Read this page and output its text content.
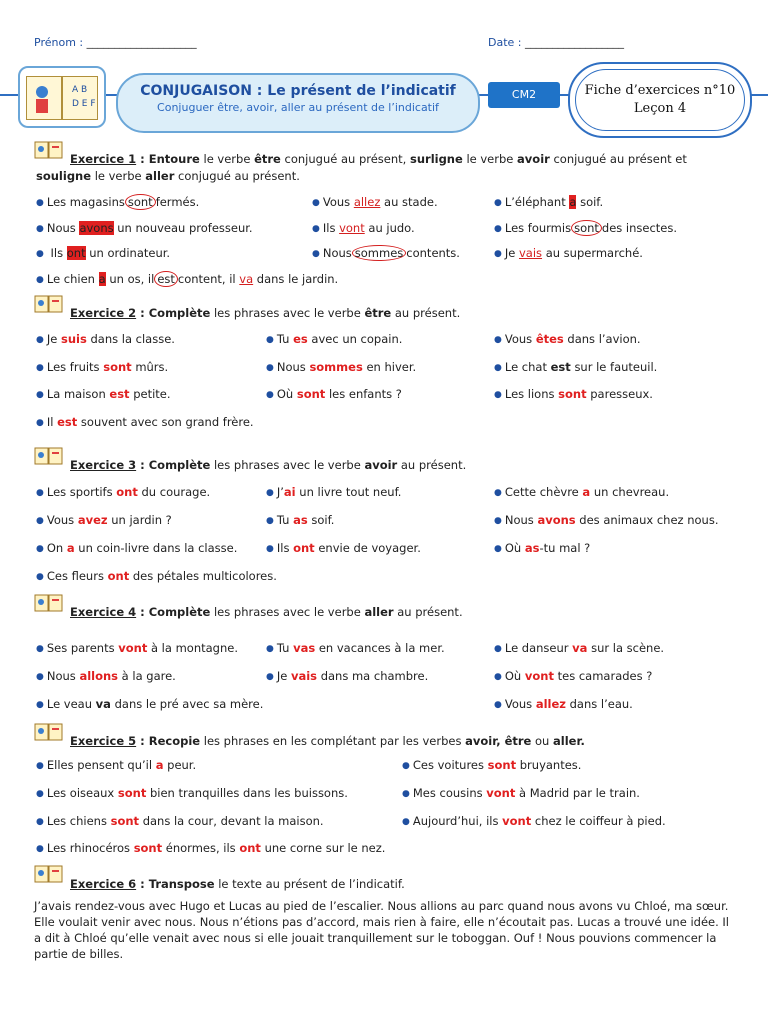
Prénom : ____________________	Date : __________________
A B
D E F
CONJUGAISON : Le présent de l’indicatif
Conjuguer être, avoir, aller au présent de l’indicatif
CM2	Fiche d’exercices n°10
Leçon 4
Exercice 1 : Entoure le verbe être conjugué au présent, surligne le verbe avoir conjugué au présent et
souligne le verbe aller conjugué au présent.
● Les magasins sont fermés.	● Vous allez au stade.	● L’éléphant a soif.
● Nous avons un nouveau professeur.	● Ils vont au judo.	● Les fourmis sont des insectes.
● Ils ont un ordinateur.	● Nous sommes contents.	● Je vais au supermarché.
● Le chien a un os, il est content, il va dans le jardin.
Exercice 2 : Complète les phrases avec le verbe être au présent.
● Je suis dans la classe.	● Tu es avec un copain.	● Vous êtes dans l’avion.
● Les fruits sont mûrs.	● Nous sommes en hiver.	● Le chat est sur le fauteuil.
● La maison est petite.	● Où sont les enfants ?	● Les lions sont paresseux.
● Il est souvent avec son grand frère.
Exercice 3 : Complète les phrases avec le verbe avoir au présent.
● Les sportifs ont du courage.	● J’ai un livre tout neuf.	● Cette chèvre a un chevreau.
● Vous avez un jardin ?	● Tu as soif.	● Nous avons des animaux chez nous.
● On a un coin-livre dans la classe.	● Ils ont envie de voyager.	● Où as-tu mal ?
● Ces fleurs ont des pétales multicolores.
Exercice 4 : Complète les phrases avec le verbe aller au présent.
● Ses parents vont à la montagne.	● Tu vas en vacances à la mer.	● Le danseur va sur la scène.
● Nous allons à la gare.	● Je vais dans ma chambre.	● Où vont tes camarades ?
● Le veau va dans le pré avec sa mère.	● Vous allez dans l’eau.
Exercice 5 : Recopie les phrases en les complétant par les verbes avoir, être ou aller.
● Elles pensent qu’il a peur.	● Ces voitures sont bruyantes.
● Les oiseaux sont bien tranquilles dans les buissons.	● Mes cousins vont à Madrid par le train.
● Les chiens sont dans la cour, devant la maison.	● Aujourd’hui, ils vont chez le coiffeur à pied.
● Les rhinocéros sont énormes, ils ont une corne sur le nez.
Exercice 6 : Transpose le texte au présent de l’indicatif.
J’avais rendez-vous avec Hugo et Lucas au pied de l’escalier. Nous allions au parc quand nous avons vu Chloé, ma sœur. Elle voulait venir avec nous. Nous n’étions pas d’accord, mais rien à faire, elle n’écoutait pas. Lucas a trouvé une idée. Il a dit à Chloé qu’elle venait avec nous si elle jouait tranquillement sur le toboggan. Ouf ! Nous pouvions commencer la partie de billes.
